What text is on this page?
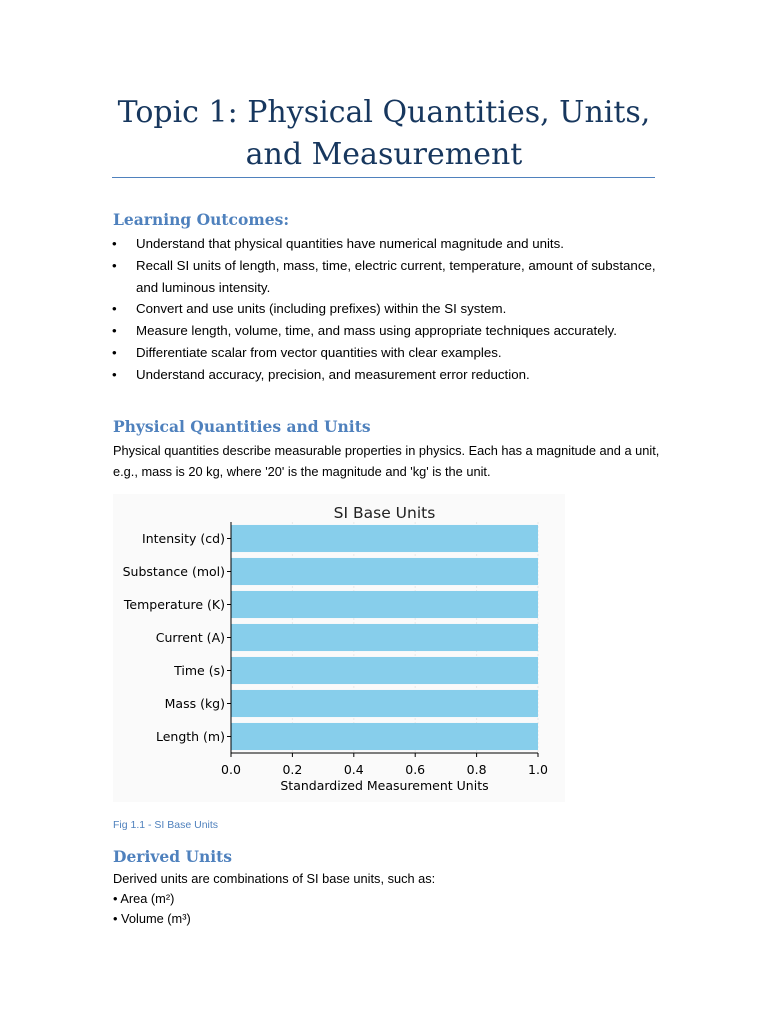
Topic 1: Physical Quantities, Units, and Measurement
Learning Outcomes:
• Understand that physical quantities have numerical magnitude and units.
• Recall SI units of length, mass, time, electric current, temperature, amount of substance, and luminous intensity.
• Convert and use units (including prefixes) within the SI system.
• Measure length, volume, time, and mass using appropriate techniques accurately.
• Differentiate scalar from vector quantities with clear examples.
• Understand accuracy, precision, and measurement error reduction.
Physical Quantities and Units

Physical quantities describe measurable properties in physics. Each has a magnitude and a unit, e.g., mass is 20 kg, where '20' is the magnitude and 'kg' is the unit.

Length (m)
Mass (kg)
Time (s)
Current (A)
Temperature (K)
Substance (mol)
Intensity (cd)
0.0	0.2	0.4	0.6	0.8	1.0
SI Base Units
Standardized Measurement Units

Fig 1.1 - SI Base Units

Derived Units

Derived units are combinations of SI base units, such as:

• Area (m²)
• Volume (m³)
